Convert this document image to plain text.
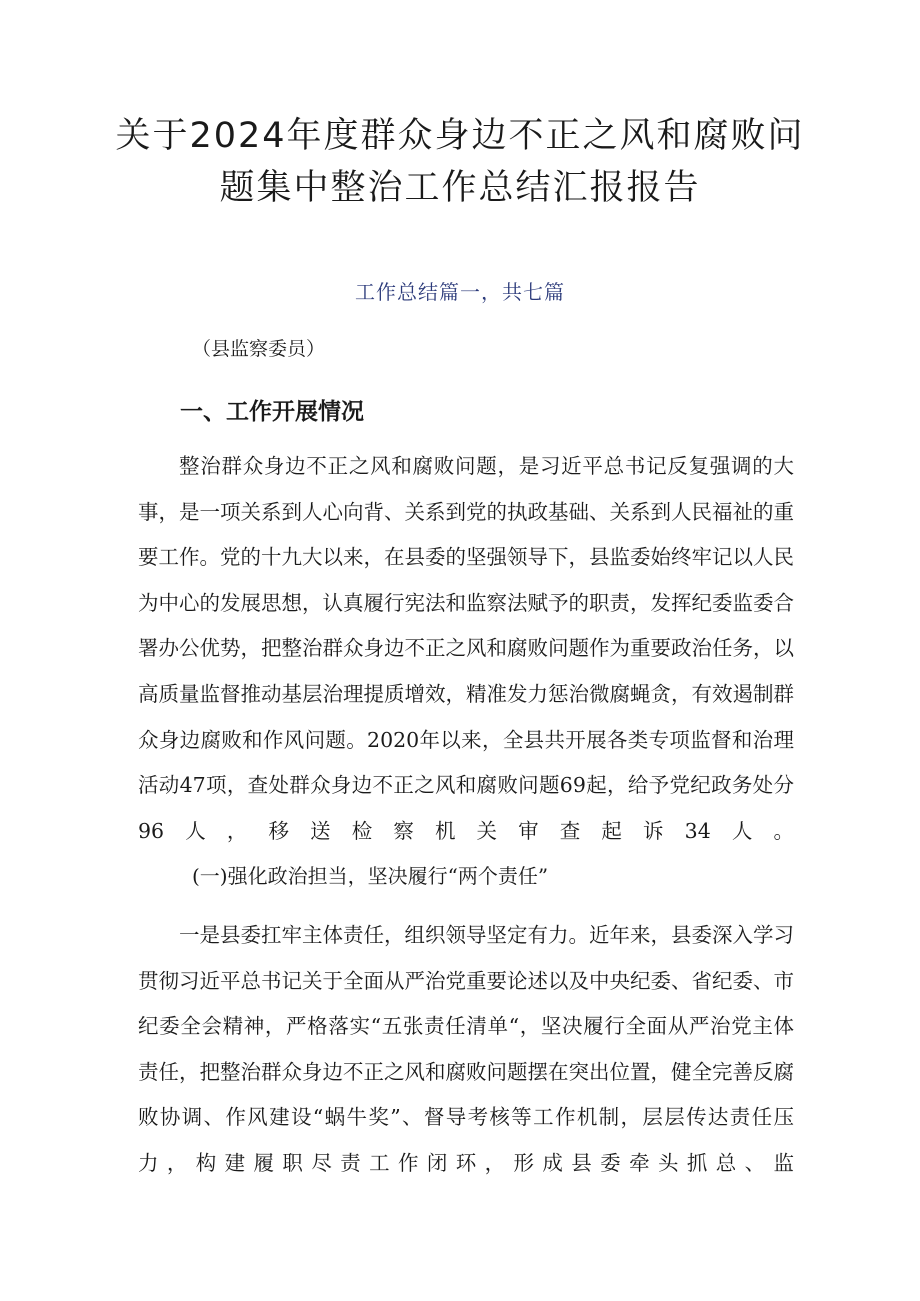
关于2024年度群众身边不正之风和腐败问
题集中整治工作总结汇报报告
工作总结篇一，共七篇
（县监察委员）
一、工作开展情况

整治群众身边不正之风和腐败问题，是习近平总书记反复强调的大事，是一项关系到人心向背、关系到党的执政基础、关系到人民福祉的重要工作。党的十九大以来，在县委的坚强领导下，县监委始终牢记以人民为中心的发展思想，认真履行宪法和监察法赋予的职责，发挥纪委监委合署办公优势，把整治群众身边不正之风和腐败问题作为重要政治任务，以高质量监督推动基层治理提质增效，精准发力惩治微腐蝇贪，有效遏制群众身边腐败和作风问题。2020年以来，全县共开展各类专项监督和治理活动47项，查处群众身边不正之风和腐败问题69起，给予党纪政务处分96人，移送检察机关审查起诉34人。

(一)强化政治担当，坚决履行“两个责任”

一是县委扛牢主体责任，组织领导坚定有力。近年来，县委深入学习贯彻习近平总书记关于全面从严治党重要论述以及中央纪委、省纪委、市纪委全会精神，严格落实“五张责任清单“，坚决履行全面从严治党主体责任，把整治群众身边不正之风和腐败问题摆在突出位置，健全完善反腐败协调、作风建设“蜗牛奖”、督导考核等工作机制，层层传达责任压力，构建履职尽责工作闭环，形成县委牵头抓总、监
